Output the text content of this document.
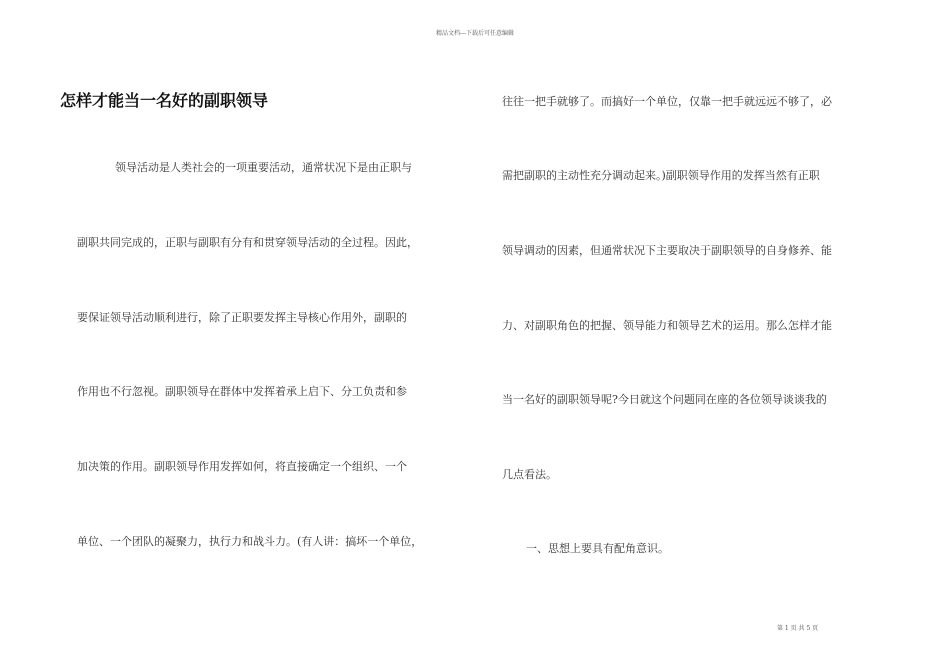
精品文档---下载后可任意编辑
怎样才能当一名好的副职领导
领导活动是人类社会的一项重要活动，通常状况下是由正职与
副职共同完成的，正职与副职有分有和贯穿领导活动的全过程。因此，
要保证领导活动顺利进行，除了正职要发挥主导核心作用外，副职的
作用也不行忽视。副职领导在群体中发挥着承上启下、分工负责和参
加决策的作用。副职领导作用发挥如何，将直接确定一个组织、一个
单位、一个团队的凝聚力，执行力和战斗力。(有人讲：搞坏一个单位，
往往一把手就够了。而搞好一个单位，仅靠一把手就远远不够了，必
需把副职的主动性充分调动起来。)副职领导作用的发挥当然有正职
领导调动的因素，但通常状况下主要取决于副职领导的自身修养、能
力、对副职角色的把握、领导能力和领导艺术的运用。那么怎样才能
当一名好的副职领导呢?今日就这个问题同在座的各位领导谈谈我的
几点看法。
一、思想上要具有配角意识。
第 1 页 共 5 页
